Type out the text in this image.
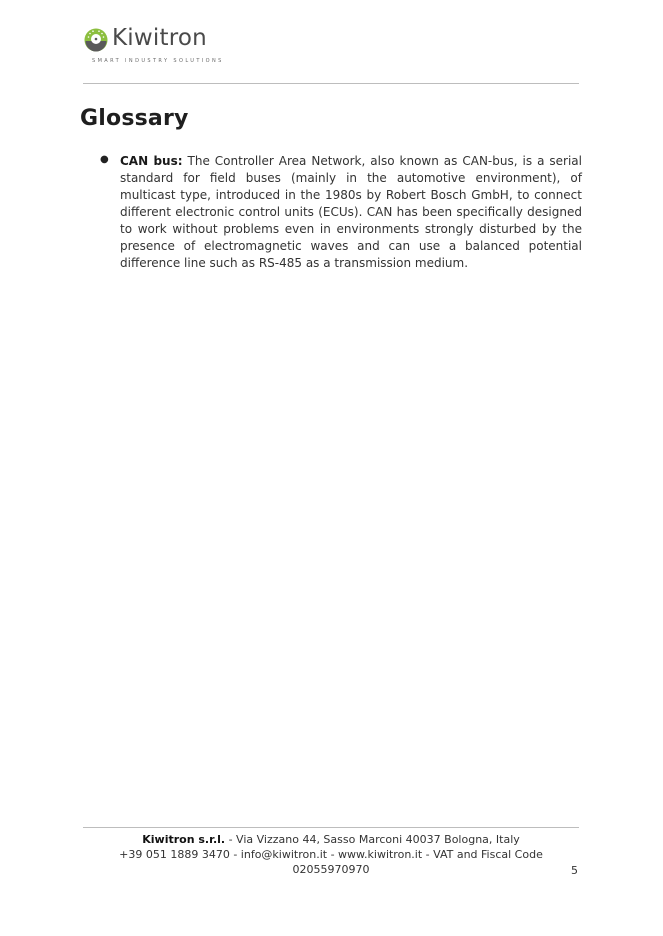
Kiwitron
SMART INDUSTRY SOLUTIONS
Glossary
● CAN bus: The Controller Area Network, also known as CAN-bus, is a serial standard for field buses (mainly in the automotive environment), of multicast type, introduced in the 1980s by Robert Bosch GmbH, to connect different electronic control units (ECUs). CAN has been specifically designed to work without problems even in environments strongly disturbed by the presence of electromagnetic waves and can use a balanced potential difference line such as RS-485 as a transmission medium.

Kiwitron s.r.l. - Via Vizzano 44, Sasso Marconi 40037 Bologna, Italy
+39 051 1889 3470 - info@kiwitron.it - www.kiwitron.it - VAT and Fiscal Code 02055970970	5
